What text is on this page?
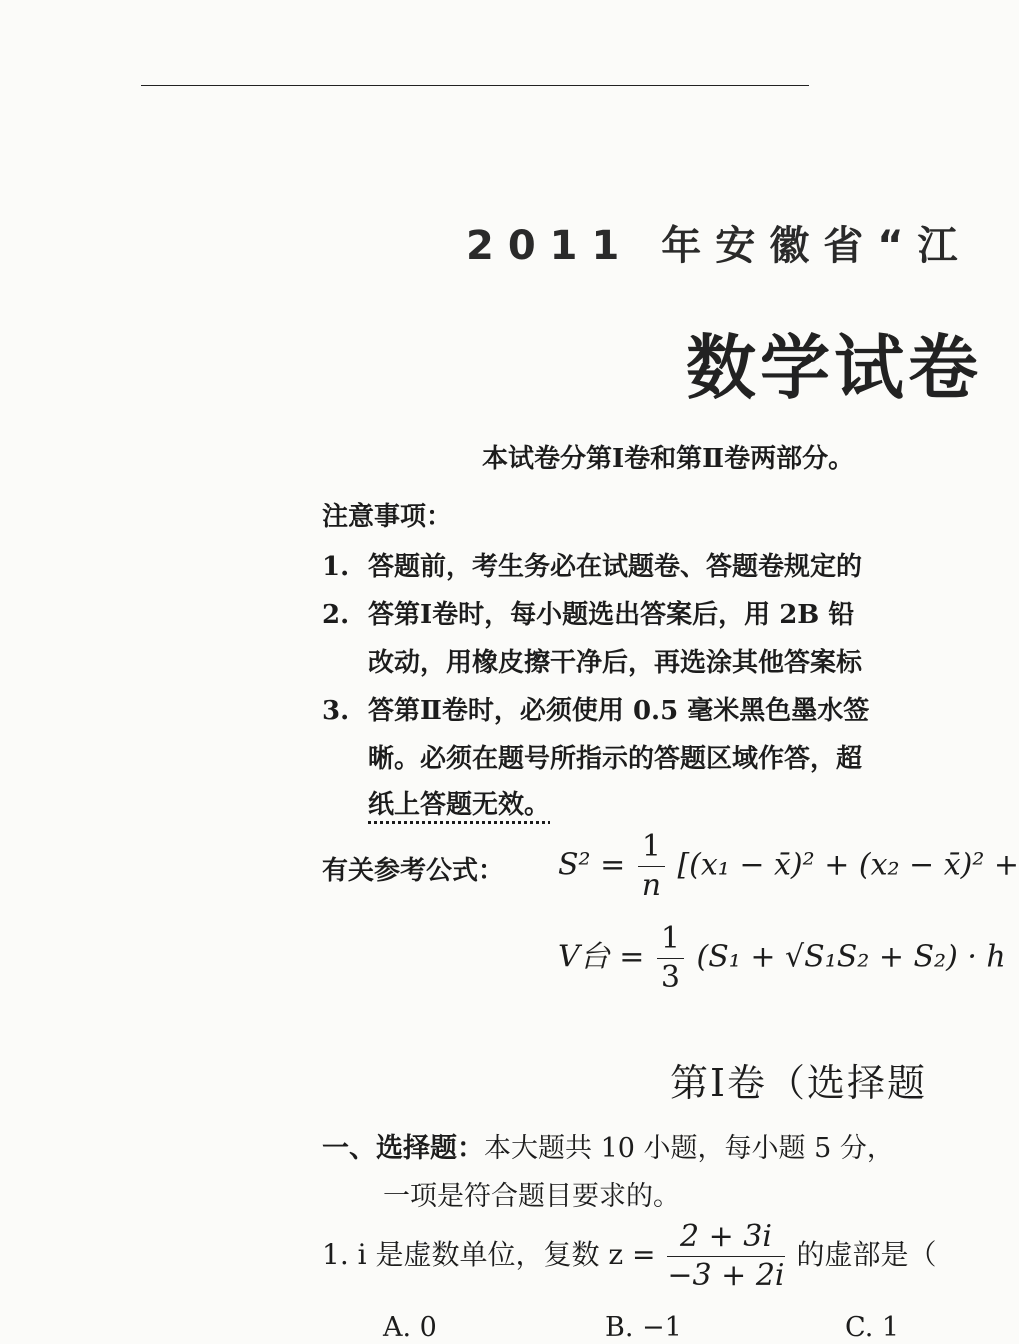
2011 年安徽省“江
数学试卷
本试卷分第Ⅰ卷和第Ⅱ卷两部分。
注意事项：
1. 答题前，考生务必在试题卷、答题卷规定的
2. 答第Ⅰ卷时，每小题选出答案后，用 2B 铅
改动，用橡皮擦干净后，再选涂其他答案标
3. 答第Ⅱ卷时，必须使用 0.5 毫米黑色墨水签
晰。必须在题号所指示的答题区域作答，超
纸上答题无效。
有关参考公式： $S^2 = \frac{1}{n} [(x_1$ − x̄)² + (x₂ − x̄)² +
V台 = $\frac{1}{3} (S_1 + √S_1S_2 + S_2) \cdot h$
第Ⅰ卷（选择题
一、选择题：本大题共 10 小题，每小题 5 分，
一项是符合题目要求的。
1. i 是虚数单位，复数 $z = \frac{2 + 3i}{-3 + 2i}$ 的虚部是（
A. 0	B. −1	C. 1
